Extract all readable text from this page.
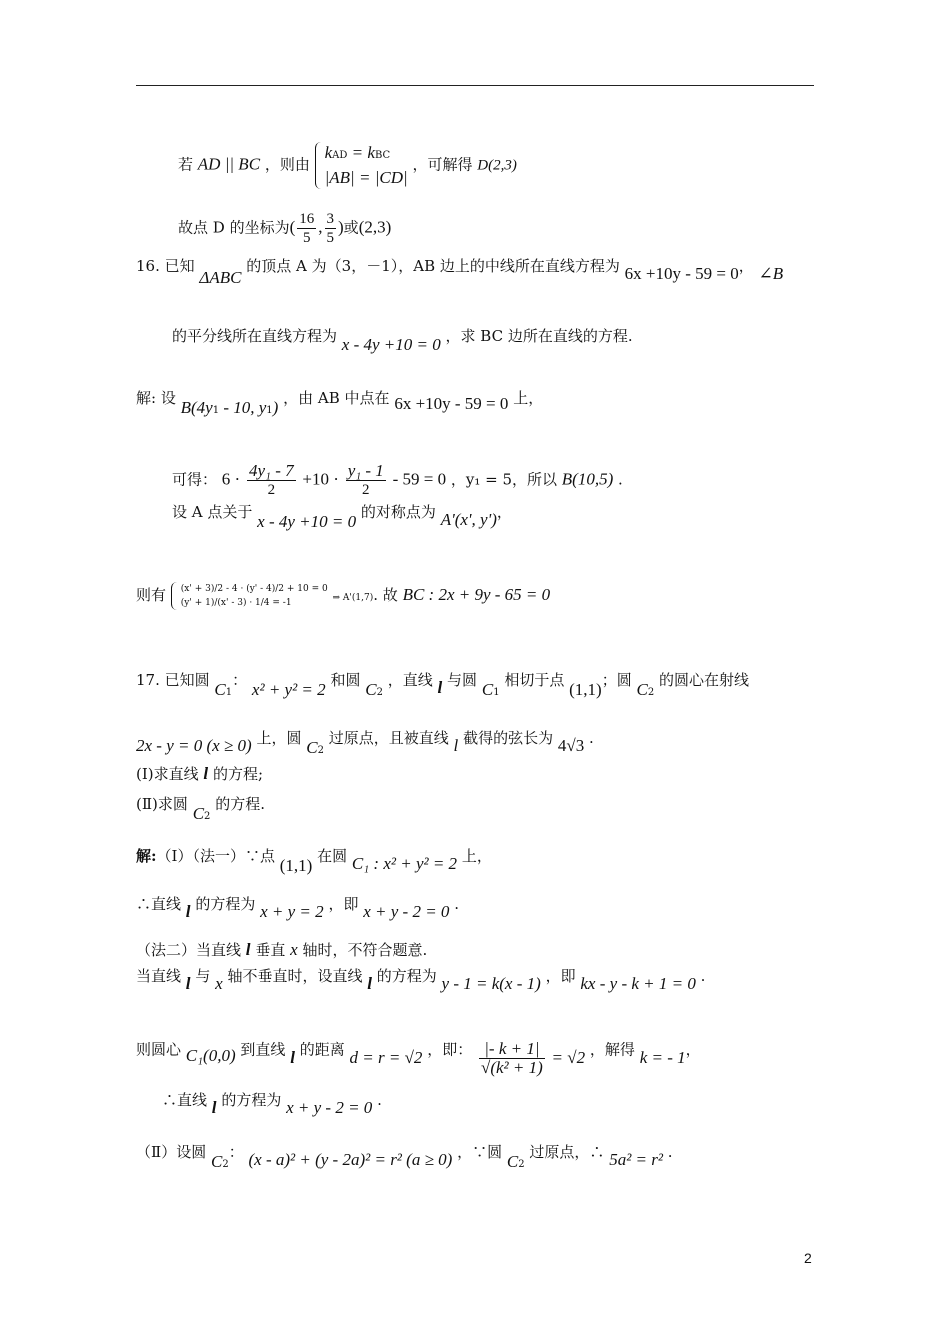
若 AD || BC ，则由
kAD = kBC
|AB| = |CD|
，可解得 D(2,3)
故点 D 的坐标为( $\frac{16}{5}$ , $\frac{3}{5}$ )或(2,3)
16. 已知 ΔABC 的顶点 A 为（3，－1），AB 边上的中线所在直线方程为 6x +10y - 59 = 0， ∠B
的平分线所在直线方程为 x - 4y +10 = 0 ，求 BC 边所在直线的方程.
解: 设 B(4y1 - 10, y1) ，由 AB 中点在 6x +10y - 59 = 0 上，
可得： $6 \cdot \frac{\text{4y₁ - 7}}{2} +10 \cdot \frac{\text{y₁ - 1}}{2} - 59 = 0$ ，y₁ = 5，所以 B(10,5) .
设 A 点关于 x - 4y +10 = 0 的对称点为 A'(x', y')，
则有 (x' + 3)/2 - 4 · (y' - 4)/2 + 10 = 0
(y' + 1)/(x' - 3) · 1/4 = -1	⇒ A'(1,7). 故 BC : 2x + 9y - 65 = 0
17. 已知圆 C1： x² + y² = 2 和圆 C2 ，直线 l 与圆 C1 相切于点 (1,1)；圆 C2 的圆心在射线
2x - y = 0 (x ≥ 0) 上，圆 C2 过原点，且被直线 l 截得的弦长为 4√3 .
(Ⅰ)求直线 l 的方程;
(Ⅱ)求圆 C2 的方程.
解:（Ⅰ）（法一）∵点 (1,1) 在圆 C₁ : x² + y² = 2 上，
∴直线 l 的方程为 x + y = 2 ，即 x + y - 2 = 0 .
（法二）当直线 l 垂直 x 轴时，不符合题意.
当直线 l 与 x 轴不垂直时，设直线 l 的方程为 y - 1 = k(x - 1) ，即 kx - y - k + 1 = 0 .
则圆心 C₁(0,0) 到直线 l 的距离 d = r = √2 ，即： $\frac{|- k + 1|}{\text{√(k² + 1)}} = √2$ ，解得 k = - 1，
∴直线 l 的方程为 x + y - 2 = 0 .
（Ⅱ）设圆 C2： (x - a)² + (y - 2a)² = r² (a ≥ 0) ，∵圆 C2 过原点，∴ 5a² = r² .
2
